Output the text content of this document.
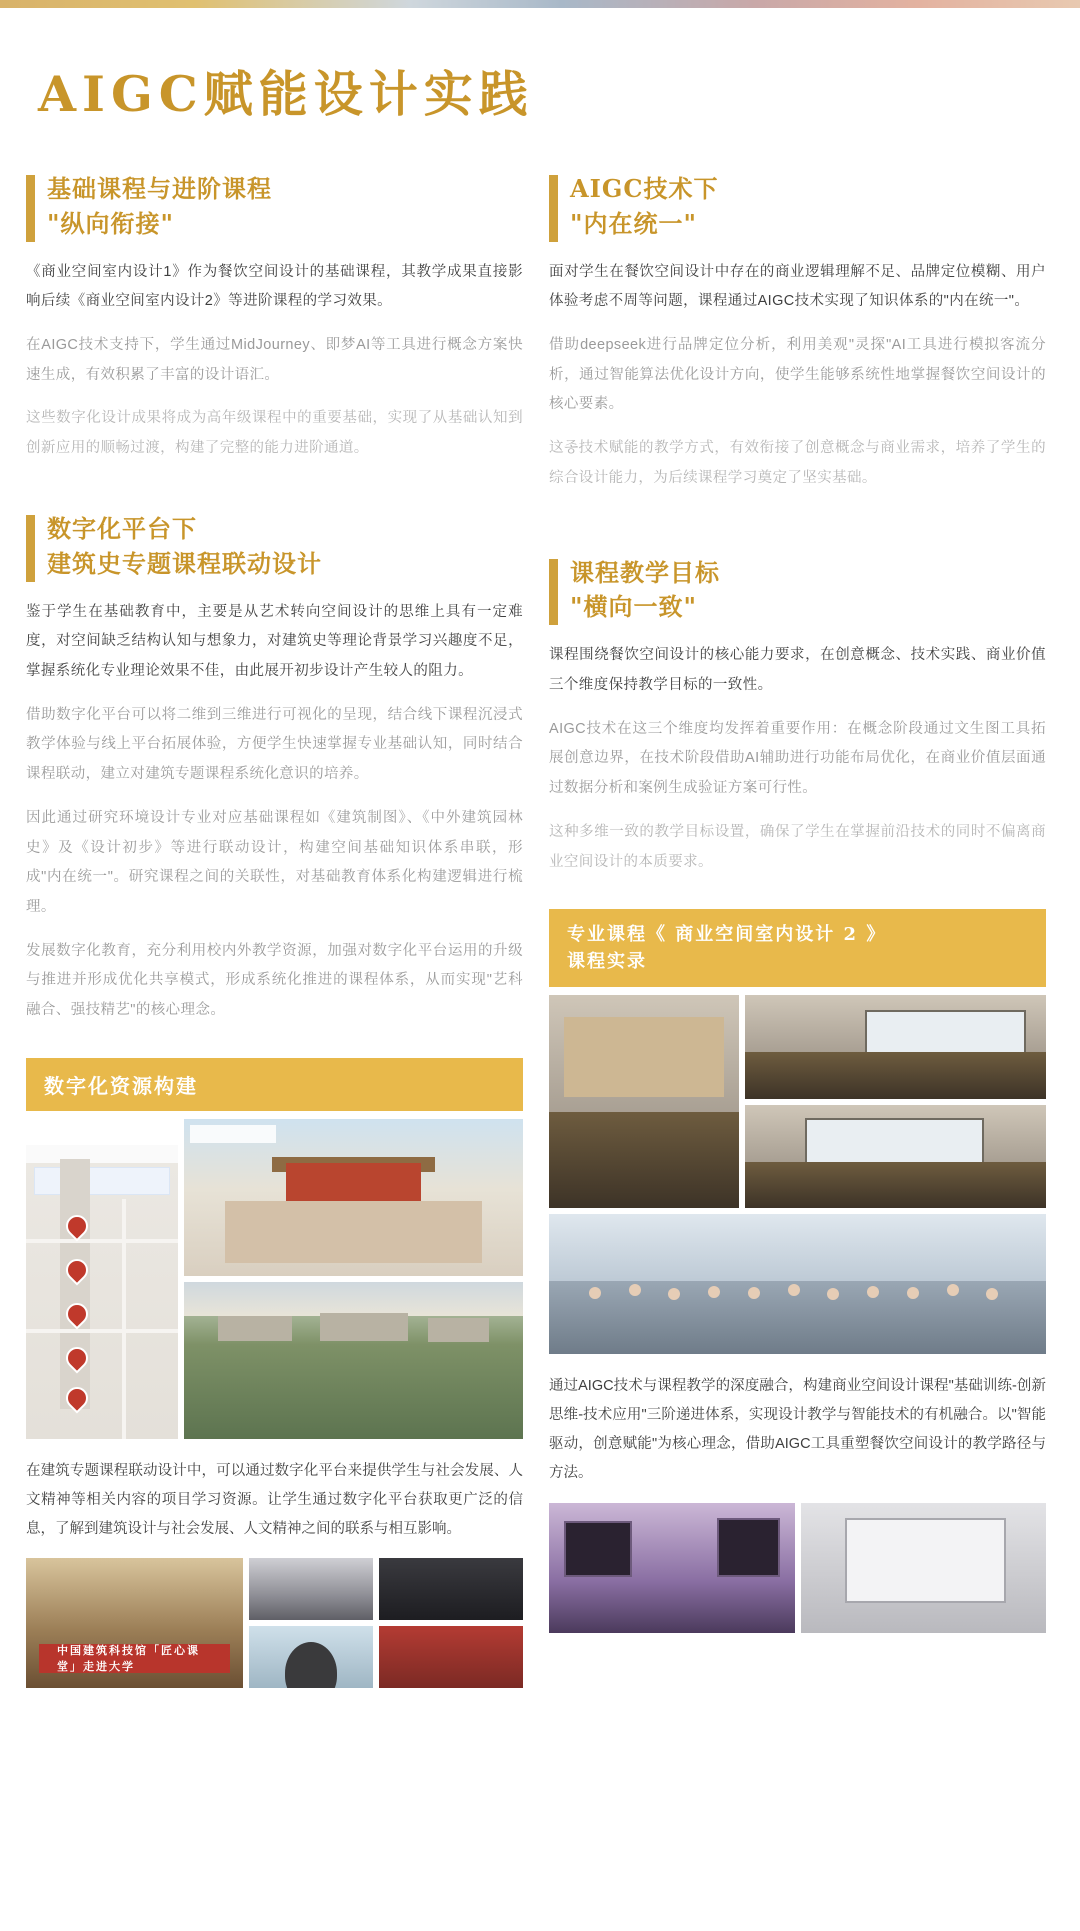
AIGC赋能设计实践
基础课程与进阶课程
"纵向衔接"

《商业空间室内设计1》作为餐饮空间设计的基础课程，其教学成果直接影响后续《商业空间室内设计2》等进阶课程的学习效果。

在AIGC技术支持下，学生通过MidJourney、即梦AI等工具进行概念方案快速生成，有效积累了丰富的设计语汇。

这些数字化设计成果将成为高年级课程中的重要基础，实现了从基础认知到创新应用的顺畅过渡，构建了完整的能力进阶通道。

数字化平台下
建筑史专题课程联动设计

鉴于学生在基础教育中，主要是从艺术转向空间设计的思维上具有一定难度，对空间缺乏结构认知与想象力，对建筑史等理论背景学习兴趣度不足，掌握系统化专业理论效果不佳，由此展开初步设计产生较人的阻力。

借助数字化平台可以将二维到三维进行可视化的呈现，结合线下课程沉浸式教学体验与线上平台拓展体验，方便学生快速掌握专业基础认知，同时结合课程联动，建立对建筑专题课程系统化意识的培养。

因此通过研究环境设计专业对应基础课程如《建筑制图》、《中外建筑园林史》及《设计初步》等进行联动设计，构建空间基础知识体系串联，形成"内在统一"。研究课程之间的关联性，对基础教育体系化构建逻辑进行梳理。

发展数字化教育，充分利用校内外教学资源，加强对数字化平台运用的升级与推进并形成优化共享模式，形成系统化推进的课程体系，从而实现"艺科融合、强技精艺"的核心理念。

数字化资源构建

在建筑专题课程联动设计中，可以通过数字化平台来提供学生与社会发展、人文精神等相关内容的项目学习资源。让学生通过数字化平台获取更广泛的信息，了解到建筑设计与社会发展、人文精神之间的联系与相互影响。

中国建筑科技馆「匠心课堂」走进大学
AIGC技术下
"内在统一"

面对学生在餐饮空间设计中存在的商业逻辑理解不足、品牌定位模糊、用户体验考虑不周等问题，课程通过AIGC技术实现了知识体系的"内在统一"。

借助deepseek进行品牌定位分析，利用美观"灵探"AI工具进行模拟客流分析，通过智能算法优化设计方向，使学生能够系统性地掌握餐饮空间设计的核心要素。

这종技术赋能的教学方式，有效衔接了创意概念与商业需求，培养了学生的综合设计能力，为后续课程学习奠定了坚实基础。

课程教学目标
"横向一致"

课程围绕餐饮空间设计的核心能力要求，在创意概念、技术实践、商业价值三个维度保持教学目标的一致性。

AIGC技术在这三个维度均发挥着重要作用：在概念阶段通过文生图工具拓展创意边界，在技术阶段借助AI辅助进行功能布局优化，在商业价值层面通过数据分析和案例生成验证方案可行性。

这种多维一致的教学目标设置，确保了学生在掌握前沿技术的同时不偏离商业空间设计的本质要求。

专业课程《 商业空间室内设计 2 》
课程实录

通过AIGC技术与课程教学的深度融合，构建商业空间设计课程"基础训练-创新思维-技术应用"三阶递进体系，实现设计教学与智能技术的有机融合。以"智能驱动，创意赋能"为核心理念，借助AIGC工具重塑餐饮空间设计的教学路径与方法。
